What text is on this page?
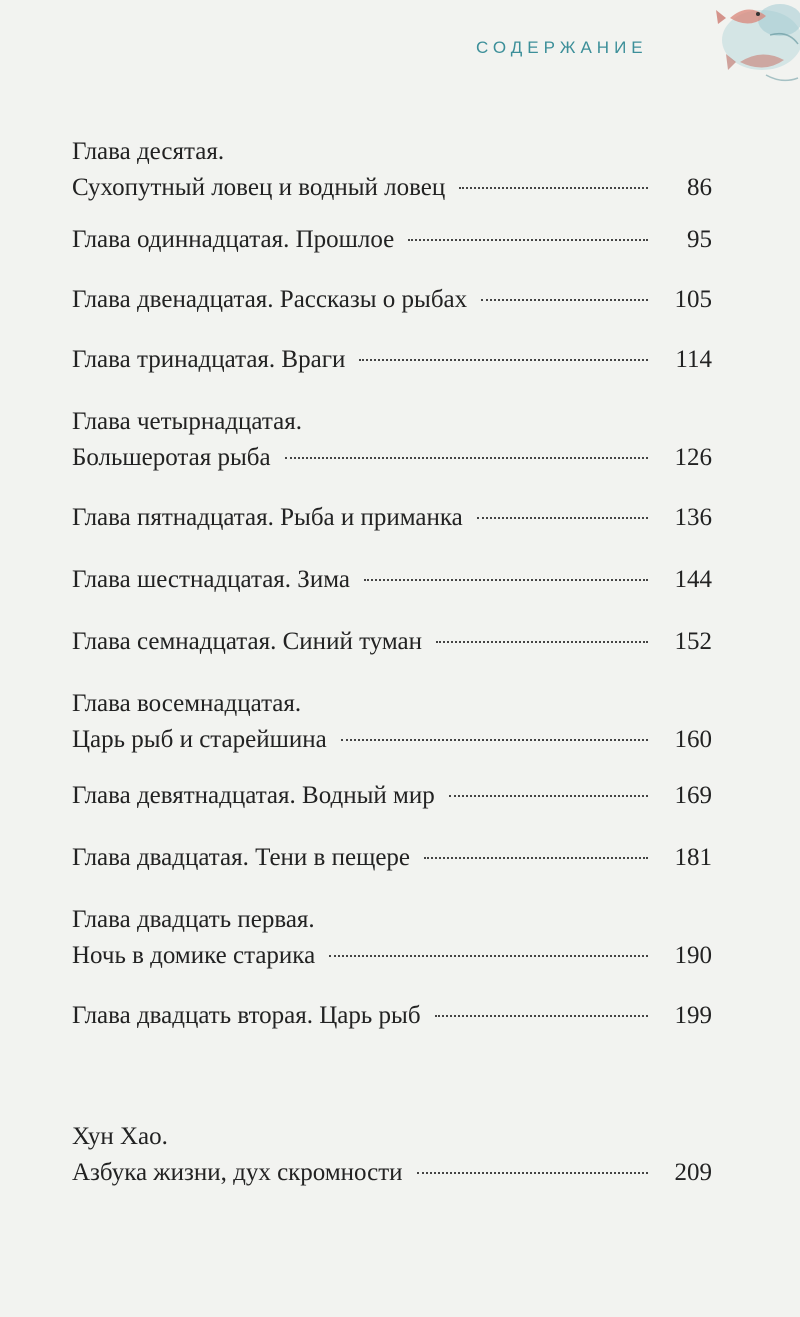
СОДЕРЖАНИЕ
Глава десятая.
Сухопутный ловец и водный ловец	86
Глава одиннадцатая. Прошлое	95
Глава двенадцатая. Рассказы о рыбах	105
Глава тринадцатая. Враги	114
Глава четырнадцатая.
Большеротая рыба	126
Глава пятнадцатая. Рыба и приманка	136
Глава шестнадцатая. Зима	144
Глава семнадцатая. Синий туман	152
Глава восемнадцатая.
Царь рыб и старейшина	160
Глава девятнадцатая. Водный мир	169
Глава двадцатая. Тени в пещере	181
Глава двадцать первая.
Ночь в домике старика	190
Глава двадцать вторая. Царь рыб	199
Хун Хао.
Азбука жизни, дух скромности	209
